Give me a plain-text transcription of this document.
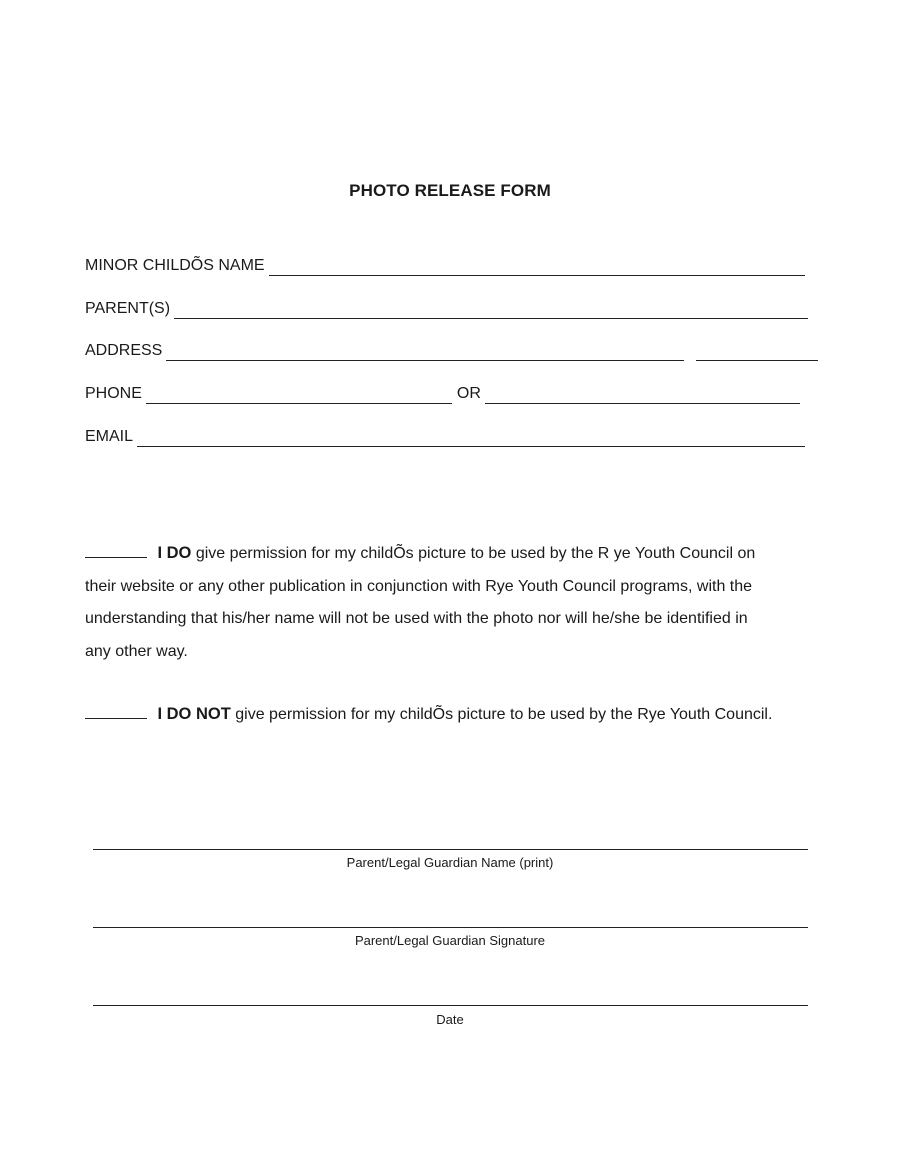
PHOTO RELEASE FORM
MINOR CHILDÕS NAME
PARENT(S)
ADDRESS
PHONE	OR
EMAIL
I DO give permission for my childÕs picture to be used by the R ye Youth Council on
their website or any other publication in conjunction with Rye Youth Council programs, with the
understanding that his/her name will not be used with the photo nor will he/she be identified in
any other way.
I DO NOT give permission for my childÕs picture to be used by the Rye Youth Council.
Parent/Legal Guardian Name (print)
Parent/Legal Guardian Signature
Date
